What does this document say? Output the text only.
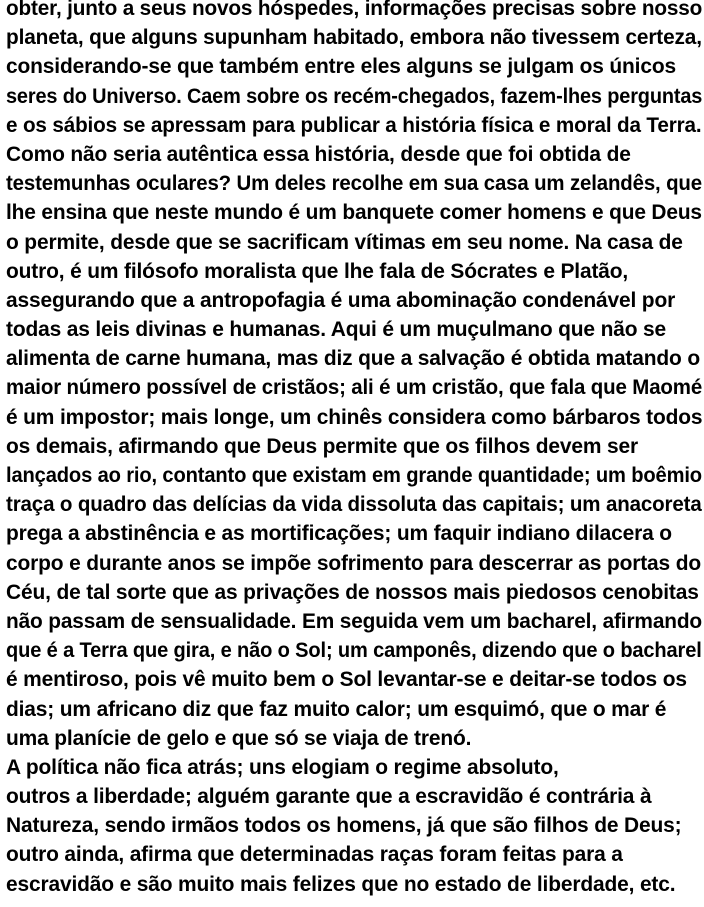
obter, junto a seus novos hóspedes, informações precisas sobre nosso
planeta, que alguns supunham habitado, embora não tivessem certeza,
considerando-se que também entre eles alguns se julgam os únicos
seres do Universo. Caem sobre os recém-chegados, fazem-lhes perguntas
e os sábios se apressam para publicar a história física e moral da Terra.
Como não seria autêntica essa história, desde que foi obtida de
testemunhas oculares? Um deles recolhe em sua casa um zelandês, que
lhe ensina que neste mundo é um banquete comer homens e que Deus
o permite, desde que se sacrificam vítimas em seu nome. Na casa de
outro, é um filósofo moralista que lhe fala de Sócrates e Platão,
assegurando que a antropofagia é uma abominação condenável por
todas as leis divinas e humanas. Aqui é um muçulmano que não se
alimenta de carne humana, mas diz que a salvação é obtida matando o
maior número possível de cristãos; ali é um cristão, que fala que Maomé
é um impostor; mais longe, um chinês considera como bárbaros todos
os demais, afirmando que Deus permite que os filhos devem ser
lançados ao rio, contanto que existam em grande quantidade; um boêmio
traça o quadro das delícias da vida dissoluta das capitais; um anacoreta
prega a abstinência e as mortificações; um faquir indiano dilacera o
corpo e durante anos se impõe sofrimento para descerrar as portas do
Céu, de tal sorte que as privações de nossos mais piedosos cenobitas
não passam de sensualidade. Em seguida vem um bacharel, afirmando
que é a Terra que gira, e não o Sol; um camponês, dizendo que o bacharel
é mentiroso, pois vê muito bem o Sol levantar-se e deitar-se todos os
dias; um africano diz que faz muito calor; um esquimó, que o mar é
uma planície de gelo e que só se viaja de trenó.
A política não fica atrás; uns elogiam o regime absoluto,
outros a liberdade; alguém garante que a escravidão é contrária à
Natureza, sendo irmãos todos os homens, já que são filhos de Deus;
outro ainda, afirma que determinadas raças foram feitas para a
escravidão e são muito mais felizes que no estado de liberdade, etc.
